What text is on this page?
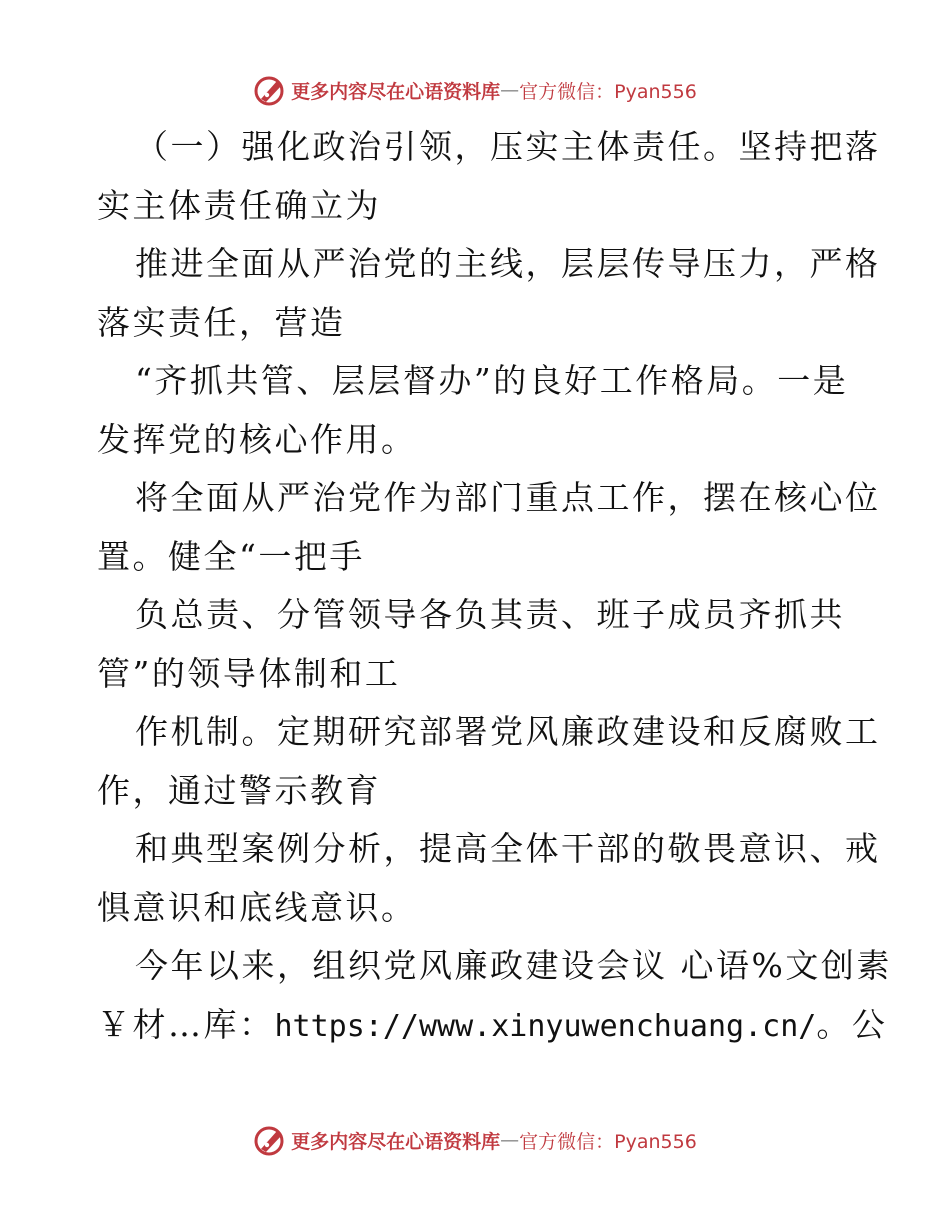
更多内容尽在心语资料库 — 官方微信：Pyan556
（一）强化政治引领，压实主体责任。坚持把落
实主体责任确立为
推进全面从严治党的主线，层层传导压力，严格
落实责任，营造
“齐抓共管、层层督办”的良好工作格局。一是
发挥党的核心作用。
将全面从严治党作为部门重点工作，摆在核心位
置。健全“一把手
负总责、分管领导各负其责、班子成员齐抓共
管”的领导体制和工
作机制。定期研究部署党风廉政建设和反腐败工
作，通过警示教育
和典型案例分析，提高全体干部的敬畏意识、戒
惧意识和底线意识。
今年以来，组织党风廉政建设会议 心语%文创素
￥材…库：https://www.xinyuwenchuang.cn/。公
更多内容尽在心语资料库 — 官方微信：Pyan556
